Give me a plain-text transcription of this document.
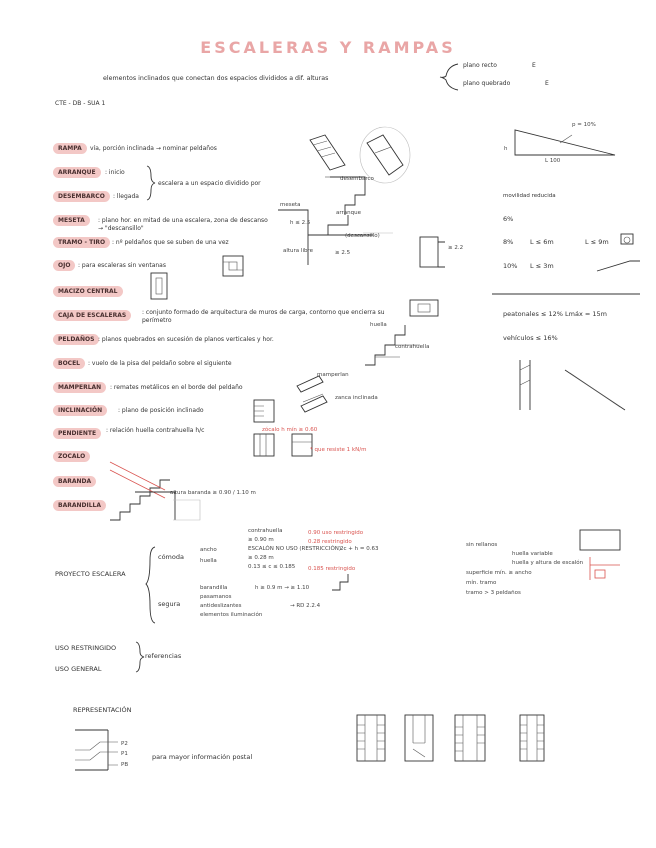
ESCALERAS Y RAMPAS
elementos inclinados que conectan dos espacios divididos a dif. alturas
plano recto
plano quebrado
E
E
CTE - DB - SUA 1
RAMPA	vía, porción inclinada → nominar peldaños
ARRANQUE	: inicio
DESEMBARCO	: llegada
escalera a un espacio dividido por
MESETA	: plano hor. en mitad de una escalera, zona de descanso → "descansillo"
TRAMO - TIRO	: nº peldaños que se suben de una vez
OJO	: para escaleras sin ventanas
MACIZO CENTRAL
CAJA DE ESCALERAS	: conjunto formado de arquitectura de muros de carga, contorno que encierra su perímetro
PELDAÑOS : planos quebrados en sucesión de planos verticales y hor.
BOCEL	: vuelo de la pisa del peldaño sobre el siguiente
MAMPERLAN	: remates metálicos en el borde del peldaño
INCLINACIÓN	: plano de posición inclinado
PENDIENTE	: relación huella contrahuella h/c
ZOCALO
BARANDA
BARANDILLA
desembarco
arranque
meseta
h ≤ 2.5
≥ 2.5
altura libre
(descansillo)
≥ 2.2
huella
contrahuella
mamperlan
zanca inclinada
zócalo h mín ≥ 0.60
* que resiste 1 kN/m
altura baranda ≥ 0.90 / 1.10 m
p = 10%
h
L 100
movilidad reducida
6%
8%	L ≤ 6m	L ≤ 9m
10% L ≤ 3m
peatonales ≤ 12% Lmáx = 15m
vehículos ≤ 16%
PROYECTO ESCALERA
cómoda
segura
ancho
huella
contrahuella
ESCALÓN NO USO (RESTRICCIÓN)
≥ 0.90 m
≥ 0.28 m
0.13 ≤ c ≤ 0.185
2c + h = 0.63
0.90 uso restringido
0.28 restringido
0.185 restringido
barandilla
pasamanos
antideslizantes
elementos iluminación
h ≥ 0.9 m → ≥ 1.10
→ RD 2.2.4
sin rellanos
superficie mín. ≥ ancho
mín. tramo
tramo > 3 peldaños
huella variable
huella y altura de escalón
USO RESTRINGIDO
USO GENERAL
referencias
REPRESENTACIÓN
P2
P1
PB
para mayor información postal
